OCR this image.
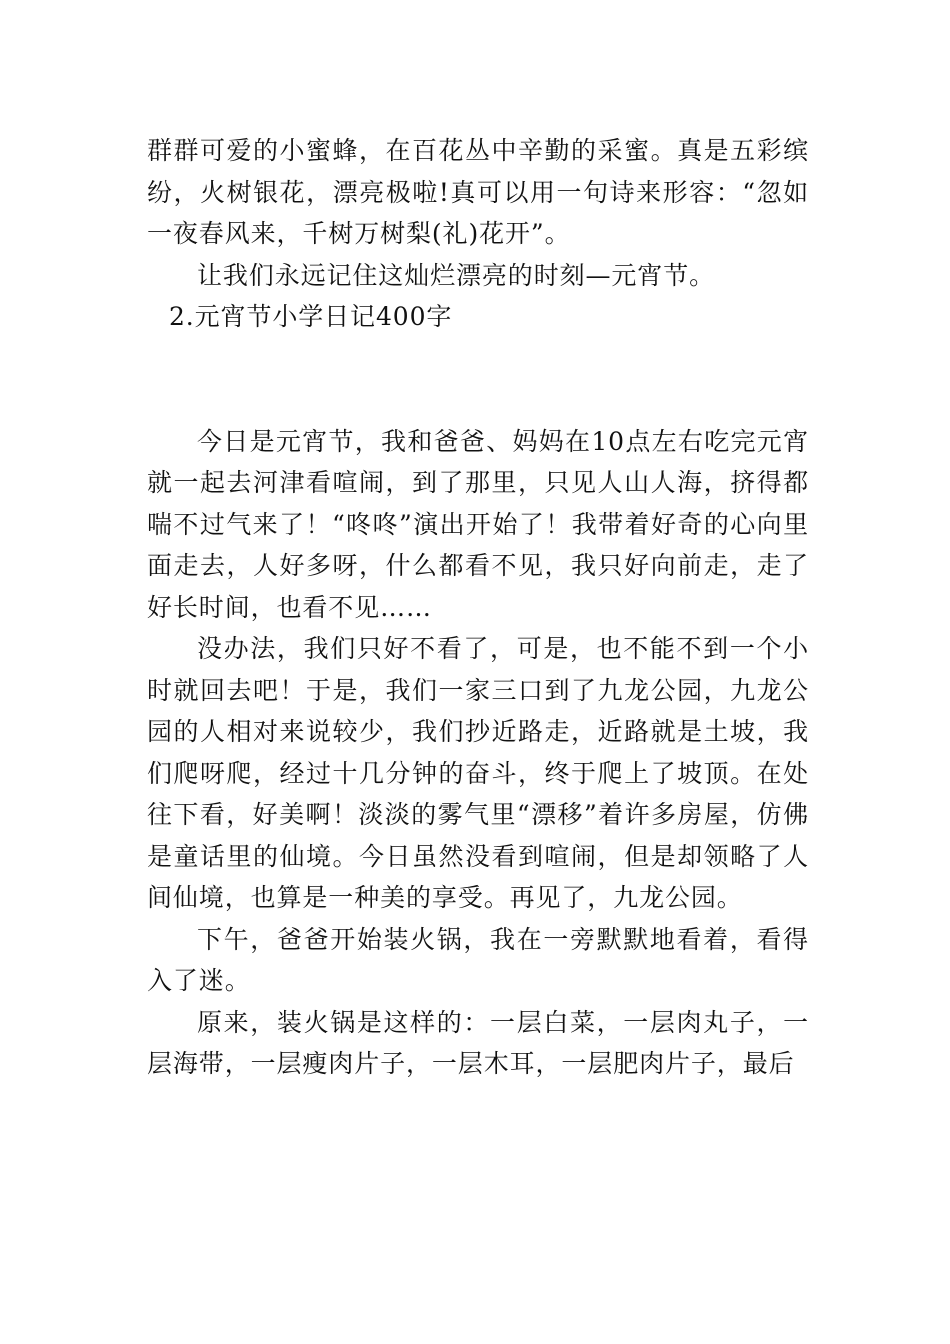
群群可爱的小蜜蜂，在百花丛中辛勤的采蜜。真是五彩缤纷，火树银花，漂亮极啦!真可以用一句诗来形容：“忽如一夜春风来，千树万树梨(礼)花开”。

让我们永远记住这灿烂漂亮的时刻—元宵节。

2.元宵节小学日记400字

今日是元宵节，我和爸爸、妈妈在10点左右吃完元宵就一起去河津看喧闹，到了那里，只见人山人海，挤得都喘不过气来了！“咚咚”演出开始了！我带着好奇的心向里面走去，人好多呀，什么都看不见，我只好向前走，走了好长时间，也看不见……

没办法，我们只好不看了，可是，也不能不到一个小时就回去吧！于是，我们一家三口到了九龙公园，九龙公园的人相对来说较少，我们抄近路走，近路就是土坡，我们爬呀爬，经过十几分钟的奋斗，终于爬上了坡顶。在处往下看，好美啊！淡淡的雾气里“漂移”着许多房屋，仿佛是童话里的仙境。今日虽然没看到喧闹，但是却领略了人间仙境，也算是一种美的享受。再见了，九龙公园。

下午，爸爸开始装火锅，我在一旁默默地看着，看得入了迷。

原来，装火锅是这样的：一层白菜，一层肉丸子，一层海带，一层瘦肉片子，一层木耳，一层肥肉片子，最后
